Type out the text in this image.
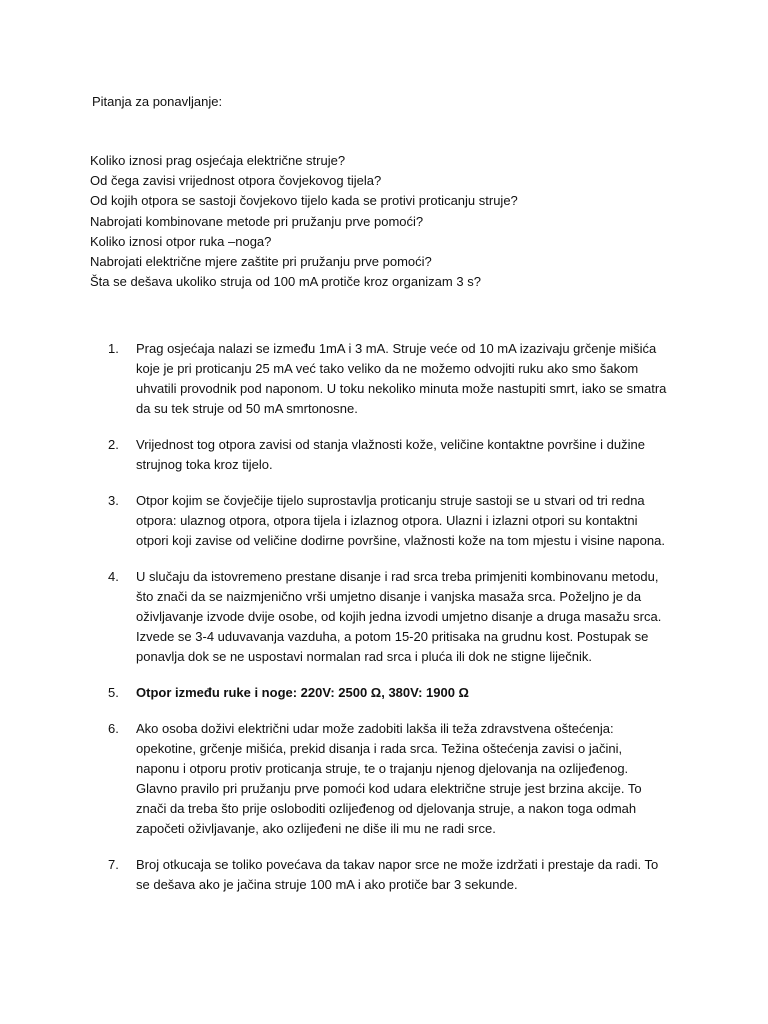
Pitanja za ponavljanje:

Koliko iznosi prag osjećaja električne struje?
Od čega zavisi vrijednost otpora čovjekovog tijela?
Od kojih otpora se sastoji čovjekovo tijelo kada se protivi proticanju struje?
Nabrojati kombinovane metode pri pružanju prve pomoći?
Koliko iznosi otpor ruka –noga?
Nabrojati električne mjere zaštite pri pružanju prve pomoći?
Šta se dešava ukoliko struja od 100 mA protiče kroz organizam 3 s?
1. Prag osjećaja nalazi se između 1mA i 3 mA. Struje veće od 10 mA izazivaju grčenje mišića koje je pri proticanju 25 mA već tako veliko da ne možemo odvojiti ruku ako smo šakom uhvatili provodnik pod naponom. U toku nekoliko minuta može nastupiti smrt, iako se smatra da su tek struje od 50 mA smrtonosne.
2. Vrijednost tog otpora zavisi od stanja vlažnosti kože, veličine kontaktne površine i dužine strujnog toka kroz tijelo.
3. Otpor kojim se čovječije tijelo suprostavlja proticanju struje sastoji se u stvari od tri redna otpora: ulaznog otpora, otpora tijela i izlaznog otpora. Ulazni i izlazni otpori su kontaktni otpori koji zavise od veličine dodirne površine, vlažnosti kože na tom mjestu i visine napona.
4. U slučaju da istovremeno prestane disanje i rad srca treba primjeniti kombinovanu metodu, što znači da se naizmjenično vrši umjetno disanje i vanjska masaža srca. Poželjno je da oživljavanje izvode dvije osobe, od kojih jedna izvodi umjetno disanje a druga masažu srca. Izvede se 3-4 uduvavanja vazduha, a potom 15-20 pritisaka na grudnu kost. Postupak se ponavlja dok se ne uspostavi normalan rad srca i pluća ili dok ne stigne liječnik.
5. Otpor između ruke i noge: 220V: 2500 Ω, 380V: 1900 Ω
6. Ako osoba doživi električni udar može zadobiti lakša ili teža zdravstvena oštećenja: opekotine, grčenje mišića, prekid disanja i rada srca. Težina oštećenja zavisi o jačini, naponu i otporu protiv proticanja struje, te o trajanju njenog djelovanja na ozlijeđenog.
Glavno pravilo pri pružanju prve pomoći kod udara električne struje jest brzina akcije. To znači da treba što prije osloboditi ozlijeđenog od djelovanja struje, a nakon toga odmah započeti oživljavanje, ako ozlijeđeni ne diše ili mu ne radi srce.
7. Broj otkucaja se toliko povećava da takav napor srce ne može izdržati i prestaje da radi. To se dešava ako je jačina struje 100 mA i ako protiče bar 3 sekunde.
